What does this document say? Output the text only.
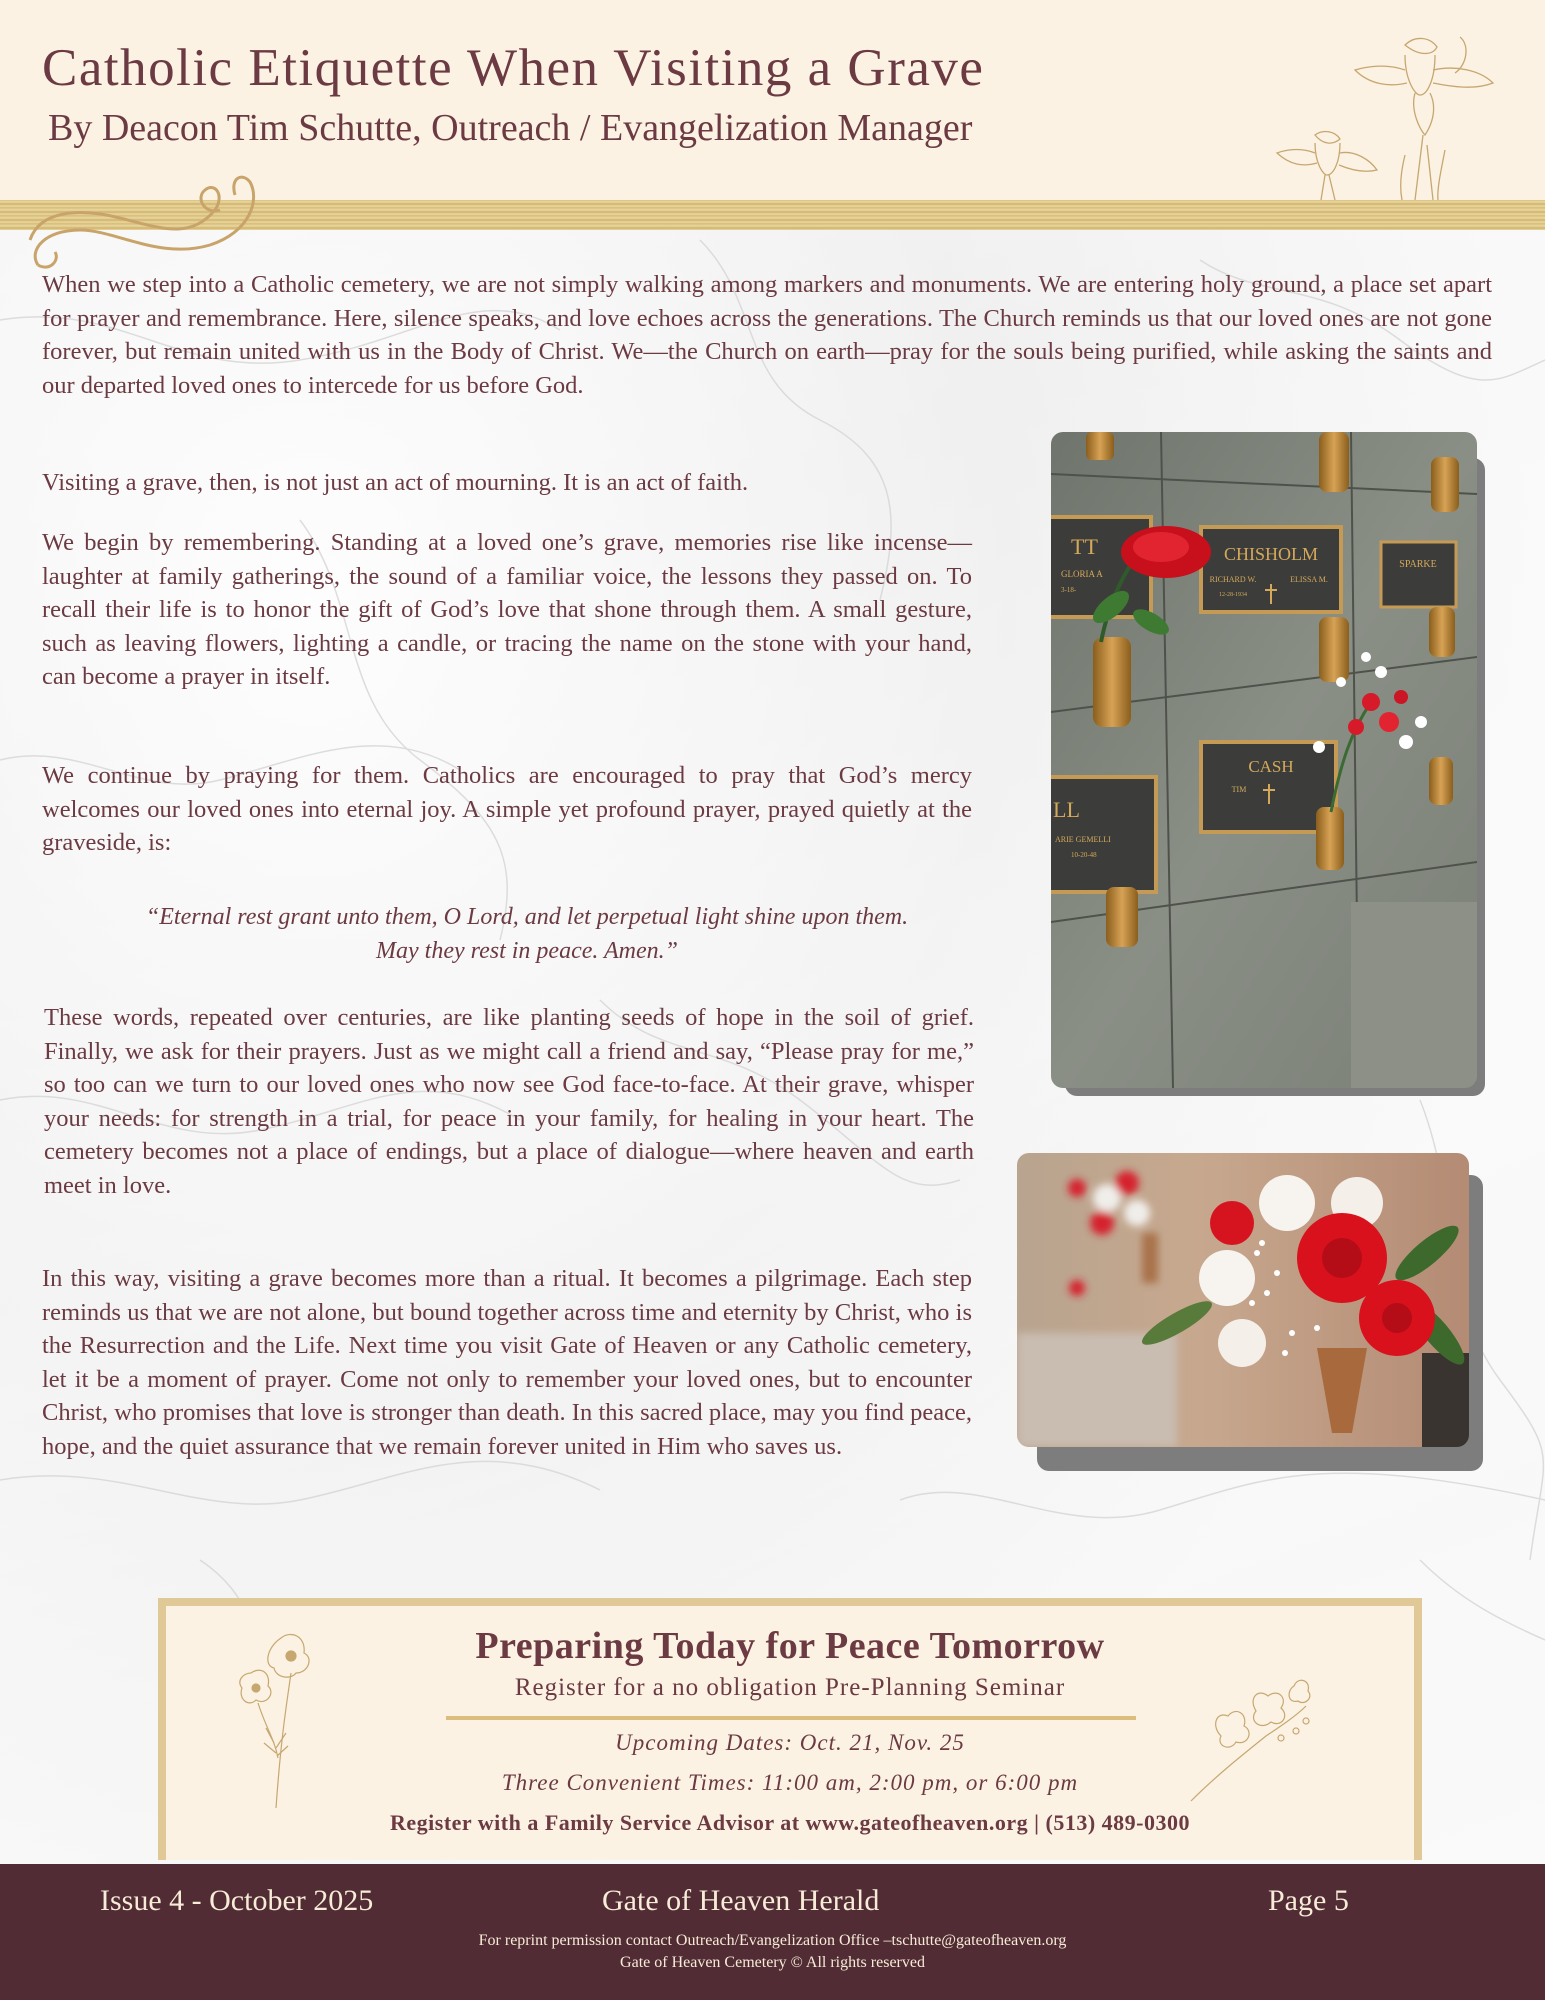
Catholic Etiquette When Visiting a Grave
By Deacon Tim Schutte, Outreach / Evangelization Manager

When we step into a Catholic cemetery, we are not simply walking among markers and monuments. We are entering holy ground, a place set apart for prayer and remembrance. Here, silence speaks, and love echoes across the generations. The Church reminds us that our loved ones are not gone forever, but remain united with us in the Body of Christ. We—the Church on earth—pray for the souls being purified, while asking the saints and our departed loved ones to intercede for us before God.

Visiting a grave, then, is not just an act of mourning. It is an act of faith.

We begin by remembering. Standing at a loved one’s grave, memories rise like incense—laughter at family gatherings, the sound of a familiar voice, the lessons they passed on. To recall their life is to honor the gift of God’s love that shone through them. A small gesture, such as leaving flowers, lighting a candle, or tracing the name on the stone with your hand, can become a prayer in itself.

We continue by praying for them. Catholics are encouraged to pray that God’s mercy welcomes our loved ones into eternal joy. A simple yet profound prayer, prayed quietly at the graveside, is:

“Eternal rest grant unto them, O Lord, and let perpetual light shine upon them.
May they rest in peace. Amen.”

These words, repeated over centuries, are like planting seeds of hope in the soil of grief. Finally, we ask for their prayers. Just as we might call a friend and say, “Please pray for me,” so too can we turn to our loved ones who now see God face-to-face. At their grave, whisper your needs: for strength in a trial, for peace in your family, for healing in your heart. The cemetery becomes not a place of endings, but a place of dialogue—where heaven and earth meet in love.

In this way, visiting a grave becomes more than a ritual. It becomes a pilgrimage. Each step reminds us that we are not alone, but bound together across time and eternity by Christ, who is the Resurrection and the Life. Next time you visit Gate of Heaven or any Catholic cemetery, let it be a moment of prayer. Come not only to remember your loved ones, but to encounter Christ, who promises that love is stronger than death. In this sacred place, may you find peace, hope, and the quiet assurance that we remain forever united in Him who saves us.

CHISHOLM
RICHARD W.	ELISSA M.
12-28-1934
SPARKE
TT
GLORIA A
3-18-
CASH
TIM
LL
ARIE GEMELLI
10-20-48
Preparing Today for Peace Tomorrow
Register for a no obligation Pre-Planning Seminar
Upcoming Dates: Oct. 21, Nov. 25
Three Convenient Times: 11:00 am, 2:00 pm, or 6:00 pm
Register with a Family Service Advisor at www.gateofheaven.org | (513) 489-0300
Issue 4 - October 2025	Gate of Heaven Herald	Page 5
For reprint permission contact Outreach/Evangelization Office –tschutte@gateofheaven.org
Gate of Heaven Cemetery © All rights reserved
